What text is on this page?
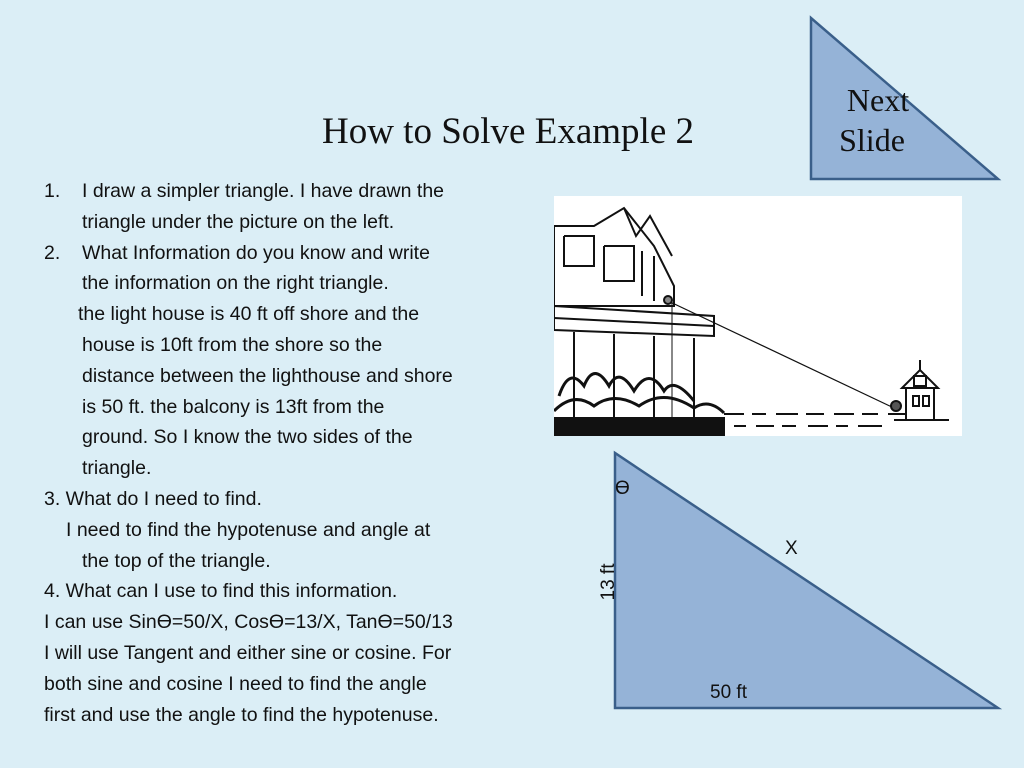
How to Solve Example 2
Next
Slide
1. I draw a simpler triangle. I have drawn the
triangle under the picture on the left.
2. What Information do you know and write
the information on the right triangle.
the light house is 40 ft off shore and the
house is 10ft from the shore so the
distance between the lighthouse and shore
is 50 ft. the balcony is 13ft from the
ground. So I know the two sides of the
triangle.
3. What do I need to find.
I need to find the hypotenuse and angle at
the top of the triangle.
4. What can I use to find this information.
I can use Sinϴ=50/X, Cosϴ=13/X, Tanϴ=50/13
I will use Tangent and either sine or cosine. For
both sine and cosine I need to find the angle
first and use the angle to find the hypotenuse.
ϴ
X
13 ft
50 ft
